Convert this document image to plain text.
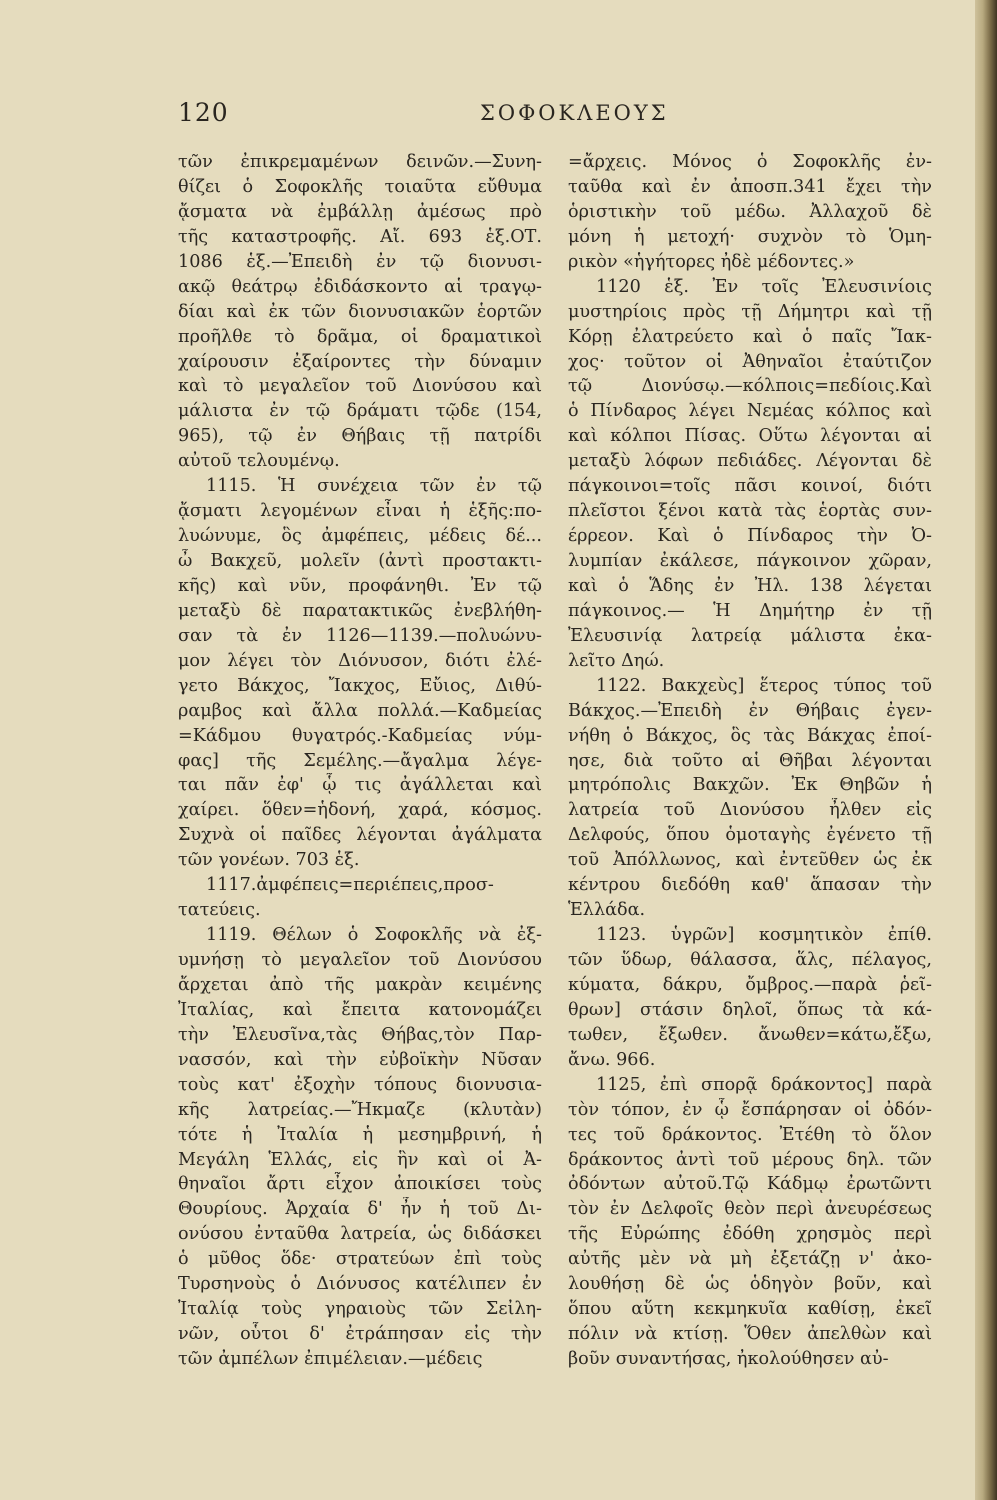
120	ΣΟΦΟΚΛΕΟΥΣ
τῶν ἐπικρεμαμένων δεινῶν.—Συνη-
θίζει ὁ Σοφοκλῆς τοιαῦτα εὔθυμα
ᾄσματα νὰ ἐμβάλλῃ ἀμέσως πρὸ
τῆς καταστροφῆς. Αἴ. 693 ἑξ.ΟΤ.
1086 ἑξ.—Ἐπειδὴ ἐν τῷ διονυσι-
ακῷ θεάτρῳ ἐδιδάσκοντο αἱ τραγῳ-
δίαι καὶ ἐκ τῶν διονυσιακῶν ἑορτῶν
προῆλθε τὸ δρᾶμα, οἱ δραματικοὶ
χαίρουσιν ἐξαίροντες τὴν δύναμιν
καὶ τὸ μεγαλεῖον τοῦ Διονύσου καὶ
μάλιστα ἐν τῷ δράματι τῷδε (154,
965), τῷ ἐν Θήβαις τῇ πατρίδι
αὐτοῦ τελουμένῳ.
1115. Ἡ συνέχεια τῶν ἐν τῷ
ᾄσματι λεγομένων εἶναι ἡ ἑξῆς:πο-
λυώνυμε, ὃς ἀμφέπεις, μέδεις δέ...
ὦ Βακχεῦ, μολεῖν (ἀντὶ προστακτι-
κῆς) καὶ νῦν, προφάνηθι. Ἐν τῷ
μεταξὺ δὲ παρατακτικῶς ἐνεβλήθη-
σαν τὰ ἐν 1126—1139.—πολυώνυ-
μον λέγει τὸν Διόνυσον, διότι ἐλέ-
γετο Βάκχος, Ἴακχος, Εὔιος, Διθύ-
ραμβος καὶ ἄλλα πολλά.—Καδμείας
=Κάδμου θυγατρός.-Καδμείας νύμ-
φας] τῆς Σεμέλης.—ἄγαλμα λέγε-
ται πᾶν ἐφ' ᾧ τις ἀγάλλεται καὶ
χαίρει. ὅθεν=ἡδονή, χαρά, κόσμος.
Συχνὰ οἱ παῖδες λέγονται ἀγάλματα
τῶν γονέων. 703 ἑξ.
1117.ἀμφέπεις=περιέπεις,προσ-
τατεύεις.
1119. Θέλων ὁ Σοφοκλῆς νὰ ἐξ-
υμνήσῃ τὸ μεγαλεῖον τοῦ Διονύσου
ἄρχεται ἀπὸ τῆς μακρὰν κειμένης
Ἰταλίας, καὶ ἔπειτα κατονομάζει
τὴν Ἐλευσῖνα,τὰς Θήβας,τὸν Παρ-
νασσόν, καὶ τὴν εὐβοϊκὴν Νῦσαν
τοὺς κατ' ἐξοχὴν τόπους διονυσια-
κῆς λατρείας.—Ἤκμαζε (κλυτὰν)
τότε ἡ Ἰταλία ἡ μεσημβρινή, ἡ
Μεγάλη Ἑλλάς, εἰς ἣν καὶ οἱ Ἀ-
θηναῖοι ἄρτι εἶχον ἀποικίσει τοὺς
Θουρίους. Ἀρχαία δ' ἦν ἡ τοῦ Δι-
ονύσου ἐνταῦθα λατρεία, ὡς διδάσκει
ὁ μῦθος ὅδε· στρατεύων ἐπὶ τοὺς
Τυρσηνοὺς ὁ Διόνυσος κατέλιπεν ἐν
Ἰταλίᾳ τοὺς γηραιοὺς τῶν Σεἰλη-
νῶν, οὗτοι δ' ἐτράπησαν εἰς τὴν
τῶν ἀμπέλων ἐπιμέλειαν.—μέδεις
=ἄρχεις. Μόνος ὁ Σοφοκλῆς ἐν-
ταῦθα καὶ ἐν ἀποσπ.341 ἔχει τὴν
ὁριστικὴν τοῦ μέδω. Ἀλλαχοῦ δὲ
μόνη ἡ μετοχή· συχνὸν τὸ Ὁμη-
ρικὸν «ἡγήτορες ἠδὲ μέδοντες.»
1120 ἑξ. Ἐν τοῖς Ἐλευσινίοις
μυστηρίοις πρὸς τῇ Δήμητρι καὶ τῇ
Κόρῃ ἐλατρεύετο καὶ ὁ παῖς Ἴακ-
χος· τοῦτον οἱ Ἀθηναῖοι ἐταύτιζον
τῷ Διονύσῳ.—κόλποις=πεδίοις.Καὶ
ὁ Πίνδαρος λέγει Νεμέας κόλπος καὶ
καὶ κόλποι Πίσας. Οὕτω λέγονται αἱ
μεταξὺ λόφων πεδιάδες. Λέγονται δὲ
πάγκοινοι=τοῖς πᾶσι κοινοί, διότι
πλεῖστοι ξένοι κατὰ τὰς ἑορτὰς συν-
έρρεον. Καὶ ὁ Πίνδαρος τὴν Ὀ-
λυμπίαν ἐκάλεσε, πάγκοινον χῶραν,
καὶ ὁ Ἅδης ἐν Ἠλ. 138 λέγεται
πάγκοινος.— Ἡ Δημήτηρ ἐν τῇ
Ἐλευσινίᾳ λατρείᾳ μάλιστα ἐκα-
λεῖτο Δηώ.
1122. Βακχεὺς] ἕτερος τύπος τοῦ
Βάκχος.—Ἐπειδὴ ἐν Θήβαις ἐγεν-
νήθη ὁ Βάκχος, ὃς τὰς Βάκχας ἐποί-
ησε, διὰ τοῦτο αἱ Θῆβαι λέγονται
μητρόπολις Βακχῶν. Ἐκ Θηβῶν ἡ
λατρεία τοῦ Διονύσου ἦλθεν εἰς
Δελφούς, ὅπου ὁμοταγὴς ἐγένετο τῇ
τοῦ Ἀπόλλωνος, καὶ ἐντεῦθεν ὡς ἐκ
κέντρου διεδόθη καθ' ἅπασαν τὴν
Ἑλλάδα.
1123. ὑγρῶν] κοσμητικὸν ἐπίθ.
τῶν ὕδωρ, θάλασσα, ἅλς, πέλαγος,
κύματα, δάκρυ, ὄμβρος.—παρὰ ῥεῖ-
θρων] στάσιν δηλοῖ, ὅπως τὰ κά-
τωθεν, ἔξωθεν. ἄνωθεν=κάτω,ἔξω,
ἄνω. 966.
1125, ἐπὶ σπορᾷ δράκοντος] παρὰ
τὸν τόπον, ἐν ᾧ ἔσπάρησαν οἱ ὀδόν-
τες τοῦ δράκοντος. Ἐτέθη τὸ ὅλον
δράκοντος ἀντὶ τοῦ μέρους δηλ. τῶν
ὀδόντων αὐτοῦ.Τῷ Κάδμῳ ἐρωτῶντι
τὸν ἐν Δελφοῖς θεὸν περὶ ἀνευρέσεως
τῆς Εὐρώπης ἐδόθη χρησμὸς περὶ
αὐτῆς μὲν νὰ μὴ ἐξετάζῃ ν' ἀκο-
λουθήσῃ δὲ ὡς ὁδηγὸν βοῦν, καὶ
ὅπου αὕτη κεκμηκυῖα καθίσῃ, ἐκεῖ
πόλιν νὰ κτίσῃ. Ὅθεν ἀπελθὼν καὶ
βοῦν συναντήσας, ἠκολούθησεν αὐ-
